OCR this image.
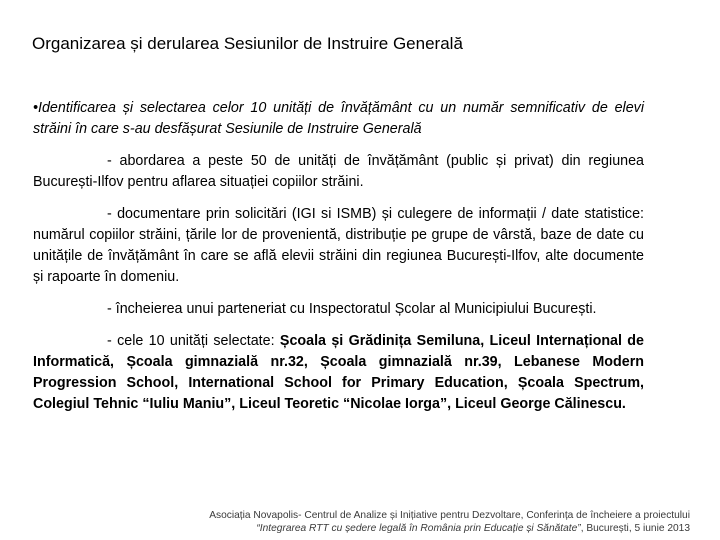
Organizarea și derularea Sesiunilor de Instruire Generală

•Identificarea și selectarea celor 10 unități de învățământ cu un număr semnificativ de elevi străini în care s-au desfășurat Sesiunile de Instruire Generală

- abordarea a peste 50 de unități de învățământ (public și privat) din regiunea București-Ilfov pentru aflarea situației copiilor străini.

- documentare prin solicitări (IGI si ISMB) și culegere de informații / date statistice: numărul copiilor străini, țările lor de provenientă, distribuție pe grupe de vârstă, baze de date cu unitățile de învățământ în care se află elevii străini din regiunea București-Ilfov, alte documente și rapoarte în domeniu.

- încheierea unui parteneriat cu Inspectoratul Școlar al Municipiului București.

- cele 10 unități selectate: Școala și Grădinița Semiluna, Liceul Internațional de Informatică, Școala gimnazială nr.32, Școala gimnazială nr.39, Lebanese Modern Progression School, International School for Primary Education, Școala Spectrum, Colegiul Tehnic “Iuliu Maniu”, Liceul Teoretic “Nicolae Iorga”, Liceul George Călinescu.

Asociația Novapolis- Centrul de Analize și Inițiative pentru Dezvoltare, Conferința de încheiere a proiectului
“Integrarea RTT cu ședere legală în România prin Educație și Sănătate”, București, 5 iunie 2013
